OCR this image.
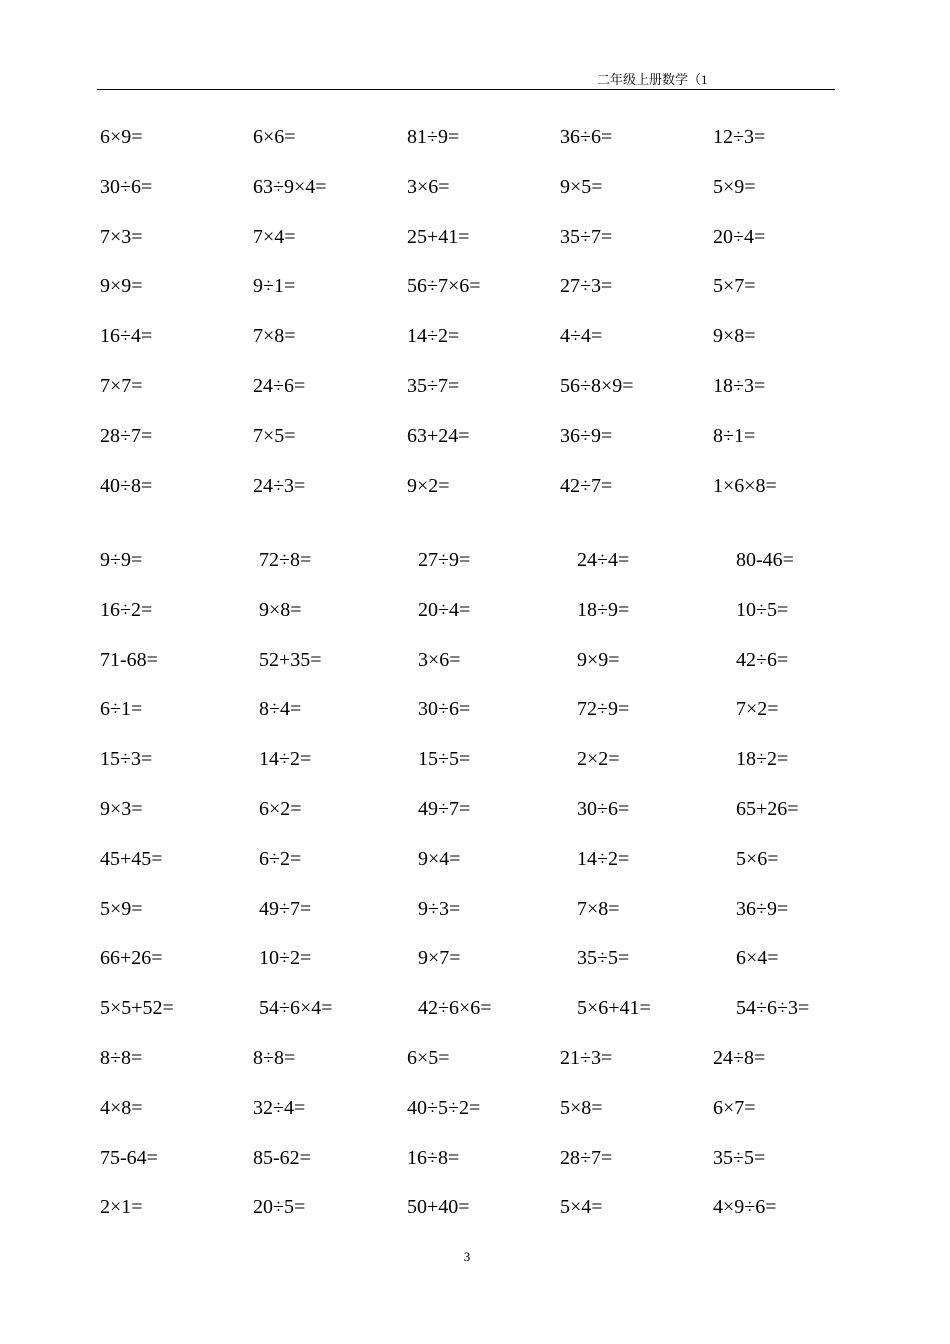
二年级上册数学（1
6×9=	6×6=	81÷9=	36÷6=	12÷3=
30÷6=	63÷9×4=	3×6=	9×5=	5×9=
7×3=	7×4=	25+41=	35÷7=	20÷4=
9×9=	9÷1=	56÷7×6=	27÷3=	5×7=
16÷4=	7×8=	14÷2=	4÷4=	9×8=
7×7=	24÷6=	35÷7=	56÷8×9=	18÷3=
28÷7=	7×5=	63+24=	36÷9=	8÷1=
40÷8=	24÷3=	9×2=	42÷7=	1×6×8=
9÷9=	72÷8=	27÷9=	24÷4=	80-46=
16÷2=	9×8=	20÷4=	18÷9=	10÷5=
71-68=	52+35=	3×6=	9×9=	42÷6=
6÷1=	8÷4=	30÷6=	72÷9=	7×2=
15÷3=	14÷2=	15÷5=	2×2=	18÷2=
9×3=	6×2=	49÷7=	30÷6=	65+26=
45+45=	6÷2=	9×4=	14÷2=	5×6=
5×9=	49÷7=	9÷3=	7×8=	36÷9=
66+26=	10÷2=	9×7=	35÷5=	6×4=
5×5+52=	54÷6×4=	42÷6×6=	5×6+41=	54÷6÷3=
8÷8=	8÷8=	6×5=	21÷3=	24÷8=
4×8=	32÷4=	40÷5÷2=	5×8=	6×7=
75-64=	85-62=	16÷8=	28÷7=	35÷5=
2×1=	20÷5=	50+40=	5×4=	4×9÷6=
3
